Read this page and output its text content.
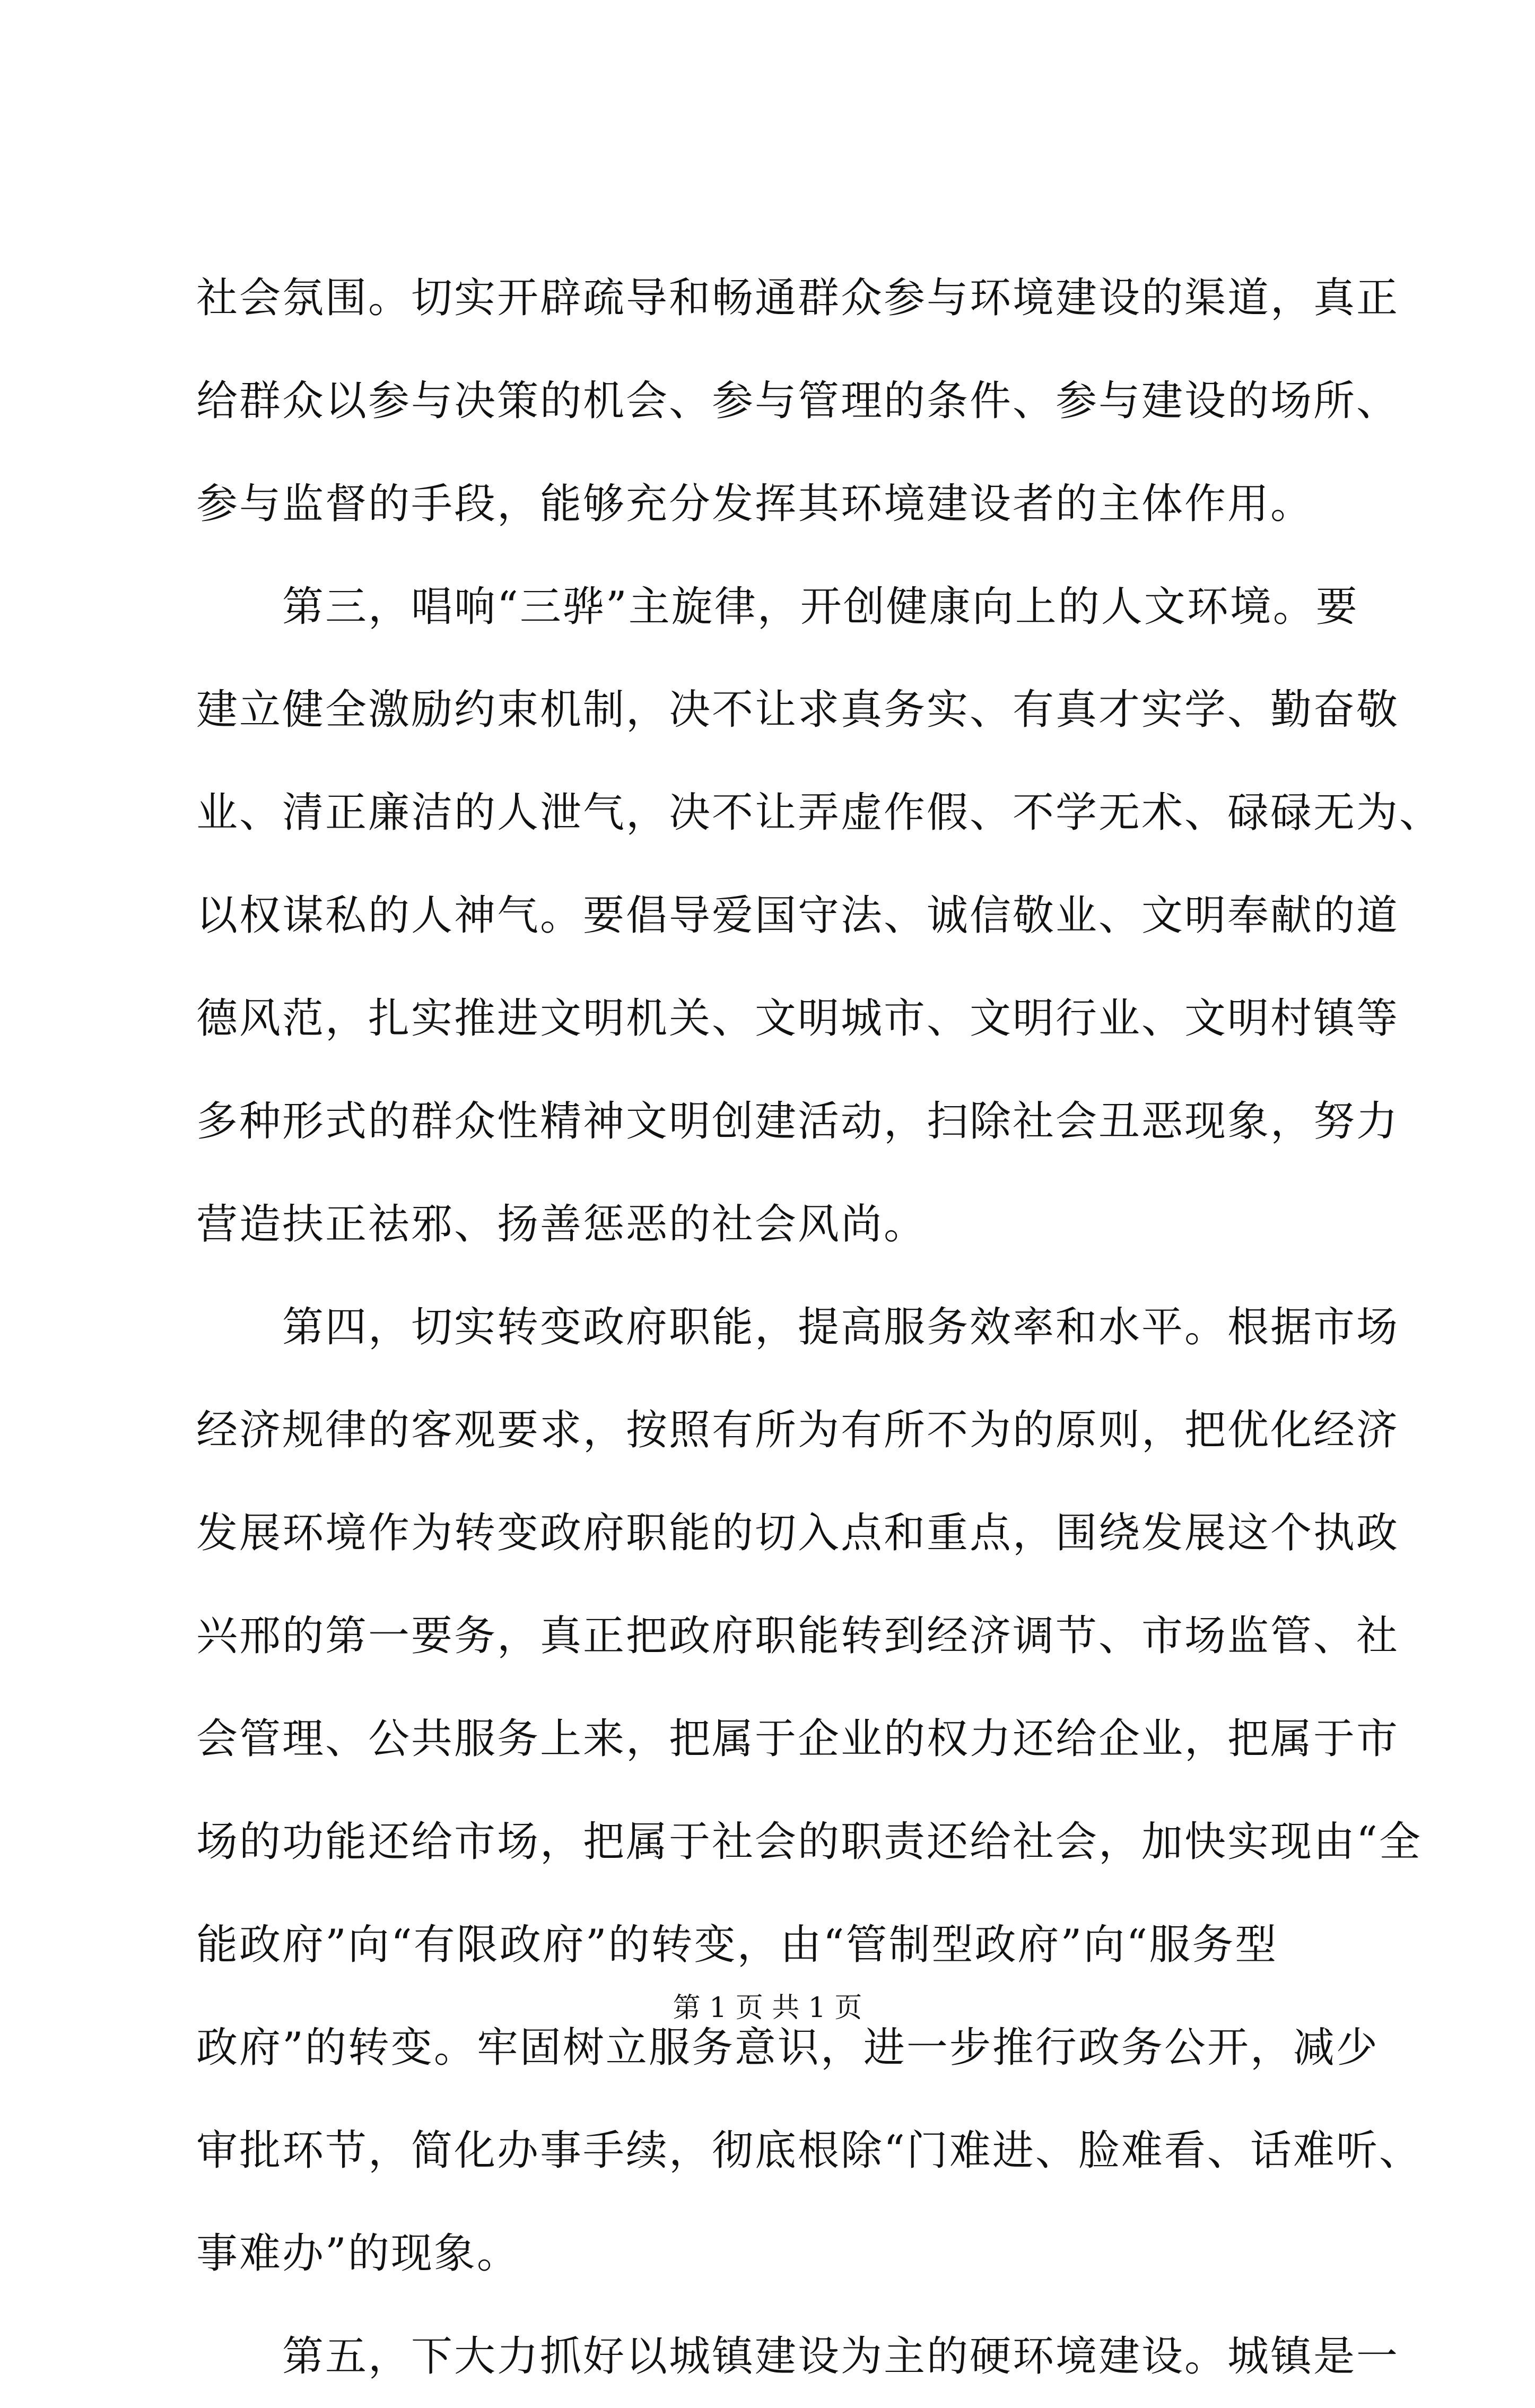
社会氛围。切实开辟疏导和畅通群众参与环境建设的渠道，真正
给群众以参与决策的机会、参与管理的条件、参与建设的场所、
参与监督的手段，能够充分发挥其环境建设者的主体作用。
　　第三，唱响“三骅”主旋律，开创健康向上的人文环境。要
建立健全激励约束机制，决不让求真务实、有真才实学、勤奋敬
业、清正廉洁的人泄气，决不让弄虚作假、不学无术、碌碌无为、
以权谋私的人神气。要倡导爱国守法、诚信敬业、文明奉献的道
德风范，扎实推进文明机关、文明城市、文明行业、文明村镇等
多种形式的群众性精神文明创建活动，扫除社会丑恶现象，努力
营造扶正祛邪、扬善惩恶的社会风尚。
　　第四，切实转变政府职能，提高服务效率和水平。根据市场
经济规律的客观要求，按照有所为有所不为的原则，把优化经济
发展环境作为转变政府职能的切入点和重点，围绕发展这个执政
兴邢的第一要务，真正把政府职能转到经济调节、市场监管、社
会管理、公共服务上来，把属于企业的权力还给企业，把属于市
场的功能还给市场，把属于社会的职责还给社会，加快实现由“全
能政府”向“有限政府”的转变，由“管制型政府”向“服务型
政府”的转变。牢固树立服务意识，进一步推行政务公开，减少
审批环节，简化办事手续，彻底根除“门难进、脸难看、话难听、
事难办”的现象。
　　第五，下大力抓好以城镇建设为主的硬环境建设。城镇是一
第 1 页 共 1 页
